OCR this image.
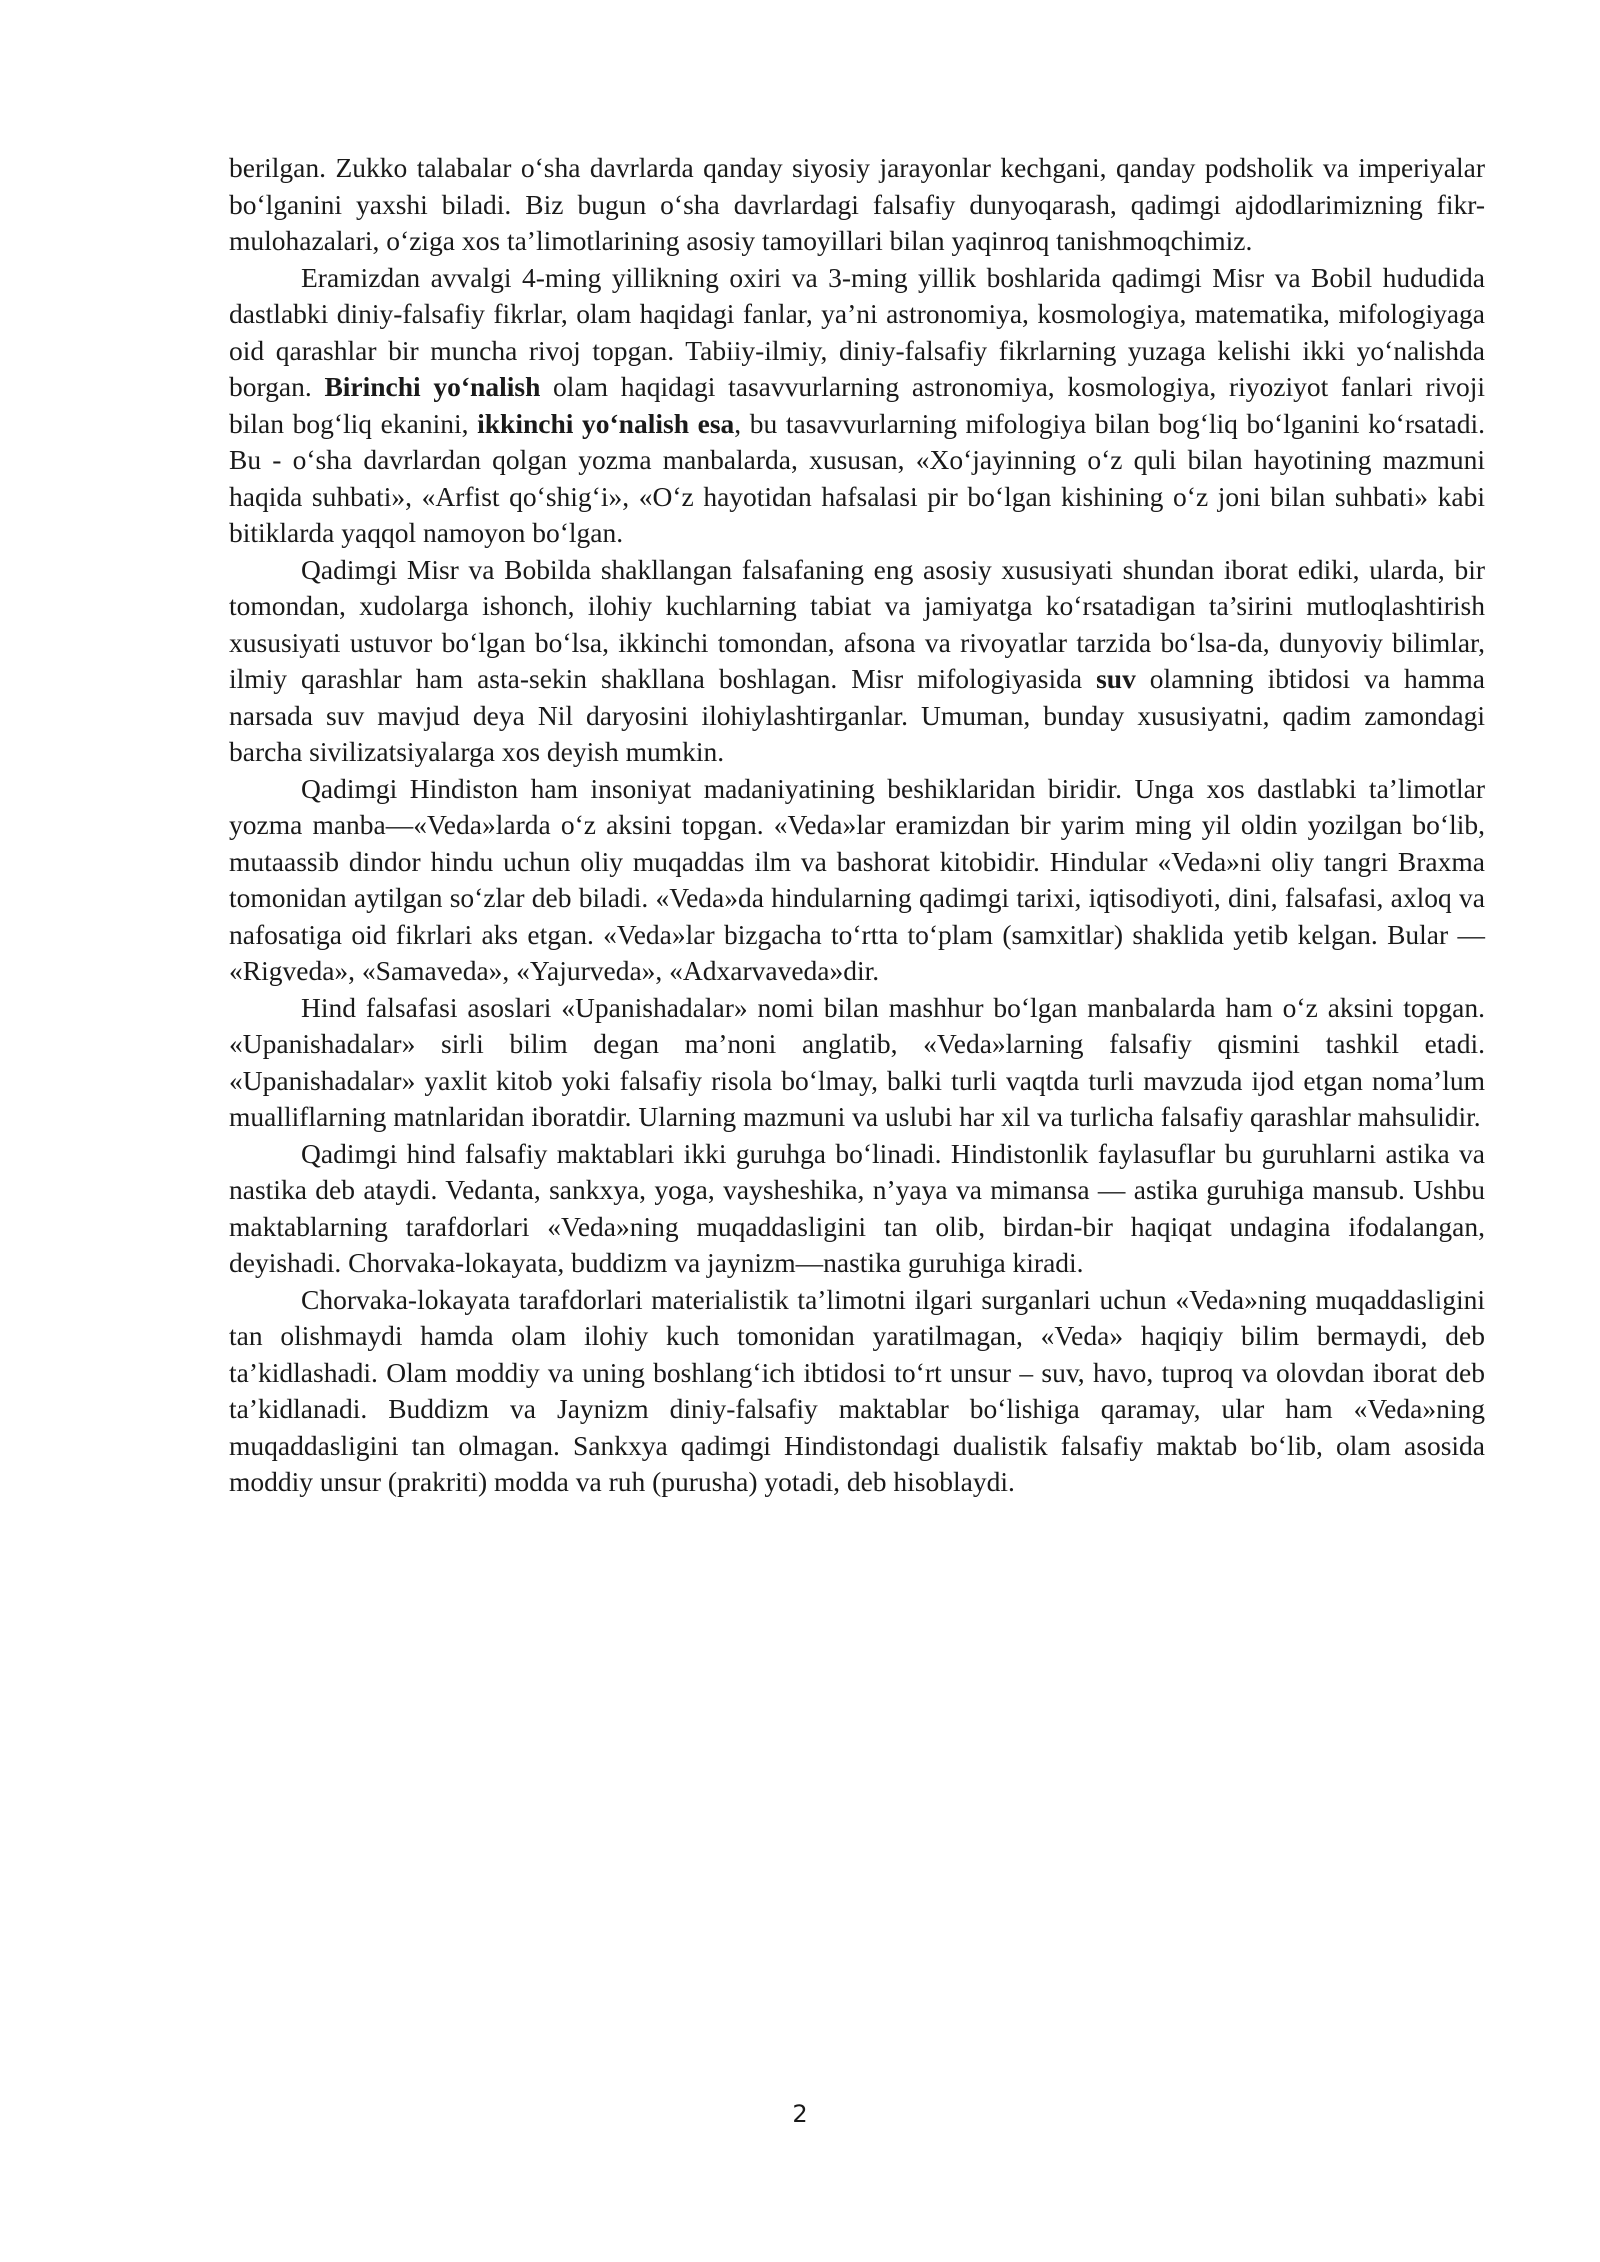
berilgan. Zukko talabalar o‘sha davrlarda qanday siyosiy jarayonlar kechgani, qanday podsholik va imperiyalar bo‘lganini yaxshi biladi. Biz bugun o‘sha davrlardagi falsafiy dunyoqarash, qadimgi ajdodlarimizning fikr-mulohazalari, o‘ziga xos ta’limotlarining asosiy tamoyillari bilan yaqinroq tanishmoqchimiz.

Eramizdan avvalgi 4-ming yillikning oxiri va 3-ming yillik boshlarida qadimgi Misr va Bobil hududida dastlabki diniy-falsafiy fikrlar, olam haqidagi fanlar, ya’ni astronomiya, kosmologiya, matematika, mifologiyaga oid qarashlar bir muncha rivoj topgan. Tabiiy-ilmiy, diniy-falsafiy fikrlarning yuzaga kelishi ikki yo‘nalishda borgan. Birinchi yo‘nalish olam haqidagi tasavvurlarning astronomiya, kosmologiya, riyoziyot fanlari rivoji bilan bog‘liq ekanini, ikkinchi yo‘nalish esa, bu tasavvurlarning mifologiya bilan bog‘liq bo‘lganini ko‘rsatadi. Bu - o‘sha davrlardan qolgan yozma manbalarda, xususan, «Xo‘jayinning o‘z quli bilan hayotining mazmuni haqida suhbati», «Arfist qo‘shig‘i», «O‘z hayotidan hafsalasi pir bo‘lgan kishining o‘z joni bilan suhbati» kabi bitiklarda yaqqol namoyon bo‘lgan.

Qadimgi Misr va Bobilda shakllangan falsafaning eng asosiy xususiyati shundan iborat ediki, ularda, bir tomondan, xudolarga ishonch, ilohiy kuchlarning tabiat va jamiyatga ko‘rsatadigan ta’sirini mutloqlashtirish xususiyati ustuvor bo‘lgan bo‘lsa, ikkinchi tomondan, afsona va rivoyatlar tarzida bo‘lsa-da, dunyoviy bilimlar, ilmiy qarashlar ham asta-sekin shakllana boshlagan. Misr mifologiyasida suv olamning ibtidosi va hamma narsada suv mavjud deya Nil daryosini ilohiylashtirganlar. Umuman, bunday xususiyatni, qadim zamondagi barcha sivilizatsiyalarga xos deyish mumkin.

Qadimgi Hindiston ham insoniyat madaniyatining beshiklaridan biridir. Unga xos dastlabki ta’limotlar yozma manba—«Veda»larda o‘z aksini topgan. «Veda»lar eramizdan bir yarim ming yil oldin yozilgan bo‘lib, mutaassib dindor hindu uchun oliy muqaddas ilm va bashorat kitobidir. Hindular «Veda»ni oliy tangri Braxma tomonidan aytilgan so‘zlar deb biladi. «Veda»da hindularning qadimgi tarixi, iqtisodiyoti, dini, falsafasi, axloq va nafosatiga oid fikrlari aks etgan. «Veda»lar bizgacha to‘rtta to‘plam (samxitlar) shaklida yetib kelgan. Bular — «Rigveda», «Samaveda», «Yajurveda», «Adxarvaveda»dir.

Hind falsafasi asoslari «Upanishadalar» nomi bilan mashhur bo‘lgan manbalarda ham o‘z aksini topgan. «Upanishadalar» sirli bilim degan ma’noni anglatib, «Veda»larning falsafiy qismini tashkil etadi. «Upanishadalar» yaxlit kitob yoki falsafiy risola bo‘lmay, balki turli vaqtda turli mavzuda ijod etgan noma’lum mualliflarning matnlaridan iboratdir. Ularning mazmuni va uslubi har xil va turlicha falsafiy qarashlar mahsulidir.

Qadimgi hind falsafiy maktablari ikki guruhga bo‘linadi. Hindistonlik faylasuflar bu guruhlarni astika va nastika deb ataydi. Vedanta, sankxya, yoga, vaysheshika, n’yaya va mimansa — astika guruhiga mansub. Ushbu maktablarning tarafdorlari «Veda»ning muqaddasligini tan olib, birdan-bir haqiqat undagina ifodalangan, deyishadi. Chorvaka-lokayata, buddizm va jaynizm—nastika guruhiga kiradi.

Chorvaka-lokayata tarafdorlari materialistik ta’limotni ilgari surganlari uchun «Veda»ning muqaddasligini tan olishmaydi hamda olam ilohiy kuch tomonidan yaratilmagan, «Veda» haqiqiy bilim bermaydi, deb ta’kidlashadi. Olam moddiy va uning boshlang‘ich ibtidosi to‘rt unsur – suv, havo, tuproq va olovdan iborat deb ta’kidlanadi. Buddizm va Jaynizm diniy-falsafiy maktablar bo‘lishiga qaramay, ular ham «Veda»ning muqaddasligini tan olmagan. Sankxya qadimgi Hindistondagi dualistik falsafiy maktab bo‘lib, olam asosida moddiy unsur (prakriti) modda va ruh (purusha) yotadi, deb hisoblaydi.

2
